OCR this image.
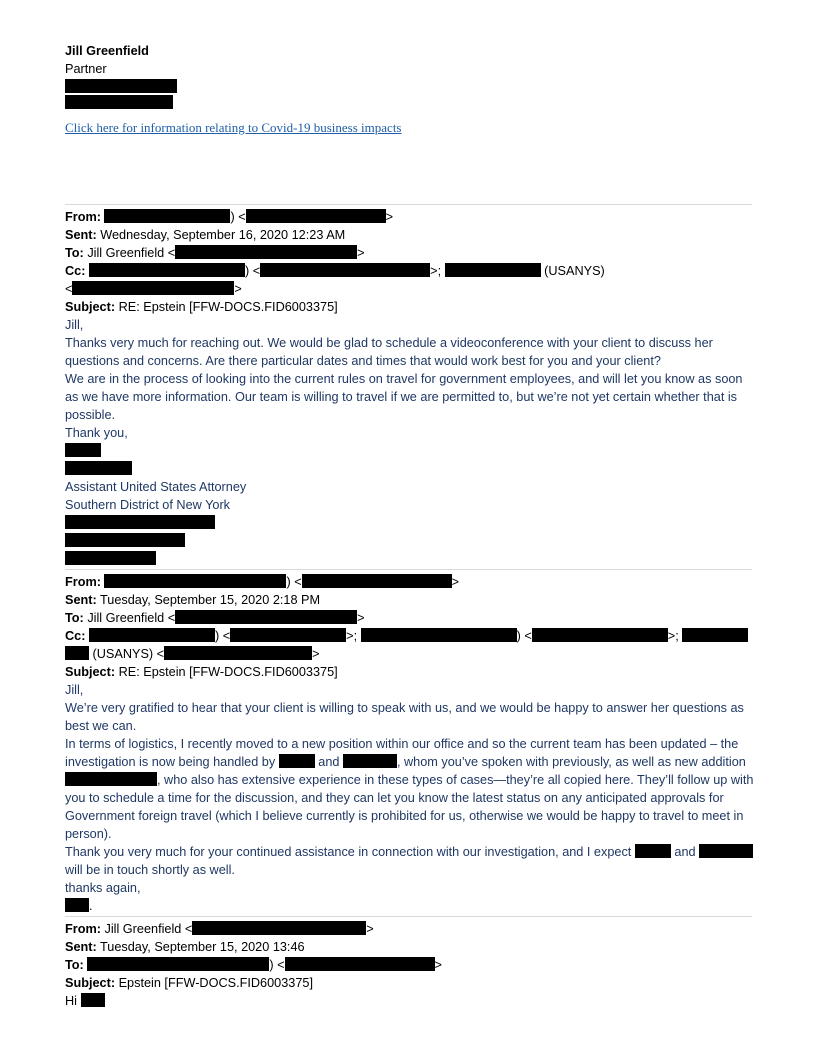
Jill Greenfield
Partner
Click here for information relating to Covid-19 business impacts
From:	) <	>
Sent: Wednesday, September 16, 2020 12:23 AM
To: Jill Greenfield <	>
Cc:	) <	>;	(USANYS)
<	>
Subject: RE: Epstein [FFW-DOCS.FID6003375]
Jill,
Thanks very much for reaching out. We would be glad to schedule a videoconference with your client to discuss her questions and concerns. Are there particular dates and times that would work best for you and your client?
We are in the process of looking into the current rules on travel for government employees, and will let you know as soon as we have more information. Our team is willing to travel if we are permitted to, but we’re not yet certain whether that is possible.
Thank you,
Assistant United States Attorney
Southern District of New York
From:	) <	>
Sent: Tuesday, September 15, 2020 2:18 PM
To: Jill Greenfield <	>
Cc:	) <	>;	) <	>;
(USANYS) <	>
Subject: RE: Epstein [FFW-DOCS.FID6003375]
Jill,
We’re very gratified to hear that your client is willing to speak with us, and we would be happy to answer her questions as best we can.
In terms of logistics, I recently moved to a new position within our office and so the current team has been updated – the investigation is now being handled by	and	, whom you’ve spoken with previously, as well as new addition , who also has extensive experience in these types of cases—they’re all copied here. They’ll follow up with you to schedule a time for the discussion, and they can let you know the latest status on any anticipated approvals for Government foreign travel (which I believe currently is prohibited for us, otherwise we would be happy to travel to meet in person).
Thank you very much for your continued assistance in connection with our investigation, and I expect	and  will be in touch shortly as well.
thanks again,
.
From: Jill Greenfield <	>
Sent: Tuesday, September 15, 2020 13:46
To:	) <	>
Subject: Epstein [FFW-DOCS.FID6003375]
Hi
